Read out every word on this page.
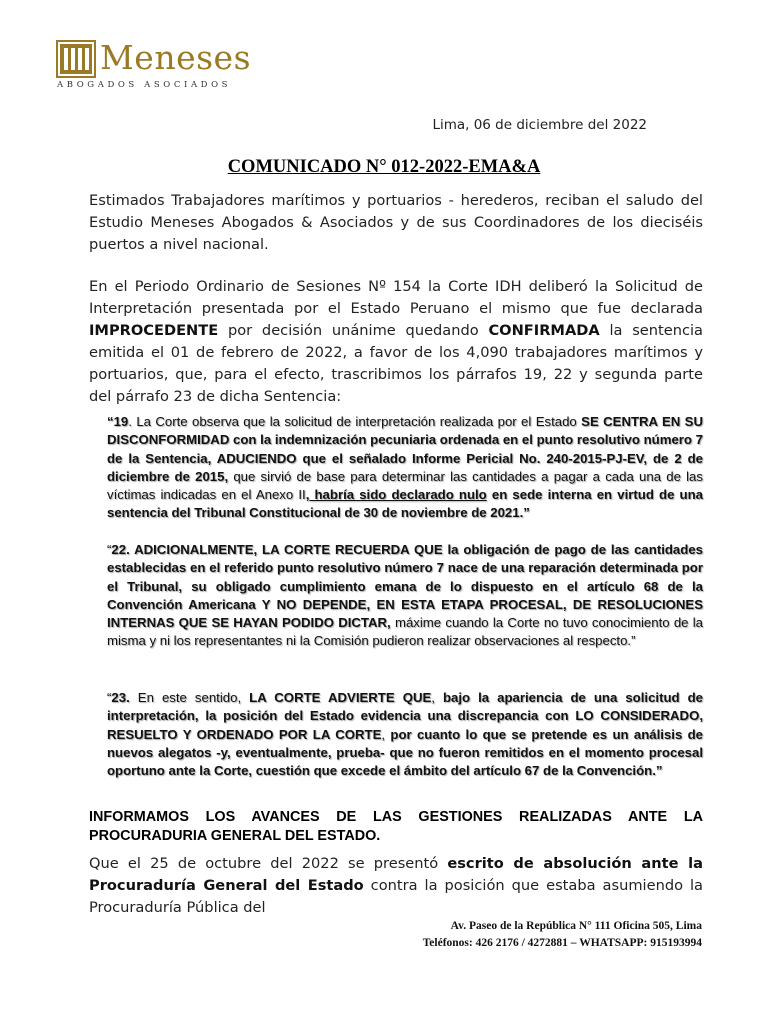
Meneses
ABOGADOS ASOCIADOS
Lima, 06 de diciembre del 2022
COMUNICADO N° 012-2022-EMA&A

Estimados Trabajadores marítimos y portuarios - herederos, reciban el saludo del Estudio Meneses Abogados & Asociados y de sus Coordinadores de los dieciséis puertos a nivel nacional.

En el Periodo Ordinario de Sesiones Nº 154 la Corte IDH deliberó la Solicitud de Interpretación presentada por el Estado Peruano el mismo que fue declarada IMPROCEDENTE por decisión unánime quedando CONFIRMADA la sentencia emitida el 01 de febrero de 2022, a favor de los 4,090 trabajadores marítimos y portuarios, que, para el efecto, trascribimos los párrafos 19, 22 y segunda parte del párrafo 23 de dicha Sentencia:

“19. La Corte observa que la solicitud de interpretación realizada por el Estado SE CENTRA EN SU DISCONFORMIDAD con la indemnización pecuniaria ordenada en el punto resolutivo número 7 de la Sentencia, ADUCIENDO que el señalado Informe Pericial No. 240-2015-PJ-EV, de 2 de diciembre de 2015, que sirvió de base para determinar las cantidades a pagar a cada una de las víctimas indicadas en el Anexo II, habría sido declarado nulo en sede interna en virtud de una sentencia del Tribunal Constitucional de 30 de noviembre de 2021.”

“22. ADICIONALMENTE, LA CORTE RECUERDA QUE la obligación de pago de las cantidades establecidas en el referido punto resolutivo número 7 nace de una reparación determinada por el Tribunal, su obligado cumplimiento emana de lo dispuesto en el artículo 68 de la Convención Americana Y NO DEPENDE, EN ESTA ETAPA PROCESAL, DE RESOLUCIONES INTERNAS QUE SE HAYAN PODIDO DICTAR, máxime cuando la Corte no tuvo conocimiento de la misma y ni los representantes ni la Comisión pudieron realizar observaciones al respecto.”

“23. En este sentido, LA CORTE ADVIERTE QUE, bajo la apariencia de una solicitud de interpretación, la posición del Estado evidencia una discrepancia con LO CONSIDERADO, RESUELTO Y ORDENADO POR LA CORTE, por cuanto lo que se pretende es un análisis de nuevos alegatos -y, eventualmente, prueba- que no fueron remitidos en el momento procesal oportuno ante la Corte, cuestión que excede el ámbito del artículo 67 de la Convención.”

INFORMAMOS LOS AVANCES DE LAS GESTIONES REALIZADAS ANTE LA PROCURADURIA GENERAL DEL ESTADO.

Que el 25 de octubre del 2022 se presentó escrito de absolución ante la Procuraduría General del Estado contra la posición que estaba asumiendo la Procuraduría Pública del

Av. Paseo de la República N° 111 Oficina 505, Lima
Teléfonos: 426 2176 / 4272881 – WHATSAPP: 915193994
